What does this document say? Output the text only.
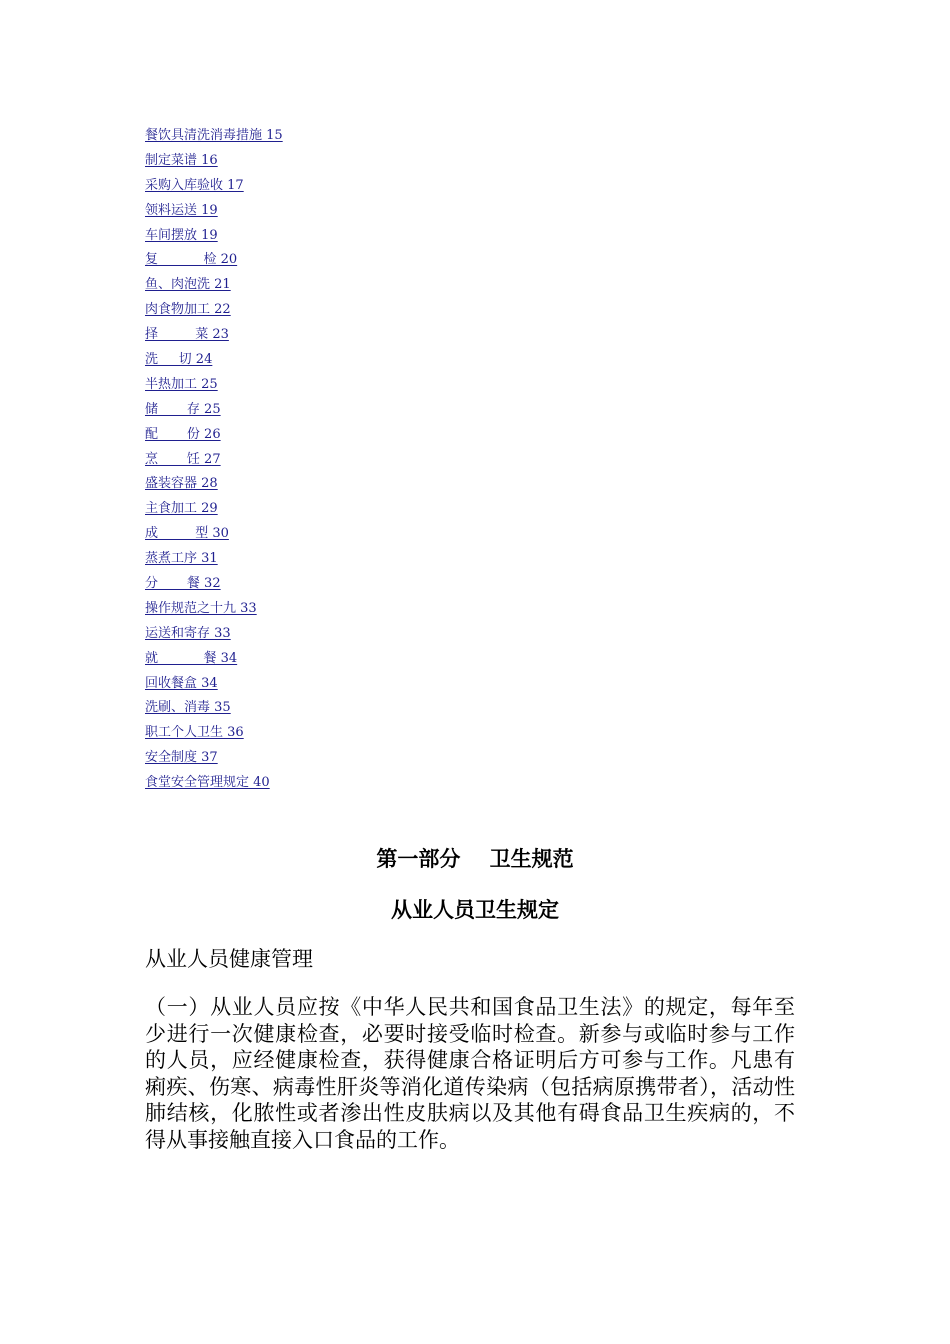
餐饮具清洗消毒措施 15
制定菜谱 16
采购入库验收 17
领料运送 19
车间摆放 19
复           检 20
鱼、肉泡洗 21
肉食物加工 22
择         菜 23
洗     切 24
半热加工 25
储       存 25
配       份 26
烹       饪 27
盛装容器 28
主食加工 29
成         型 30
蒸煮工序 31
分       餐 32
操作规范之十九 33
运送和寄存 33
就           餐 34
回收餐盒 34
洗刷、消毒 35
职工个人卫生 36
安全制度 37
食堂安全管理规定 40
第一部分    卫生规范
从业人员卫生规定
从业人员健康管理

（一）从业人员应按《中华人民共和国食品卫生法》的规定，每年至少进行一次健康检查，必要时接受临时检查。新参与或临时参与工作的人员，应经健康检查，获得健康合格证明后方可参与工作。凡患有痢疾、伤寒、病毒性肝炎等消化道传染病（包括病原携带者），活动性肺结核，化脓性或者渗出性皮肤病以及其他有碍食品卫生疾病的，不得从事接触直接入口食品的工作。
